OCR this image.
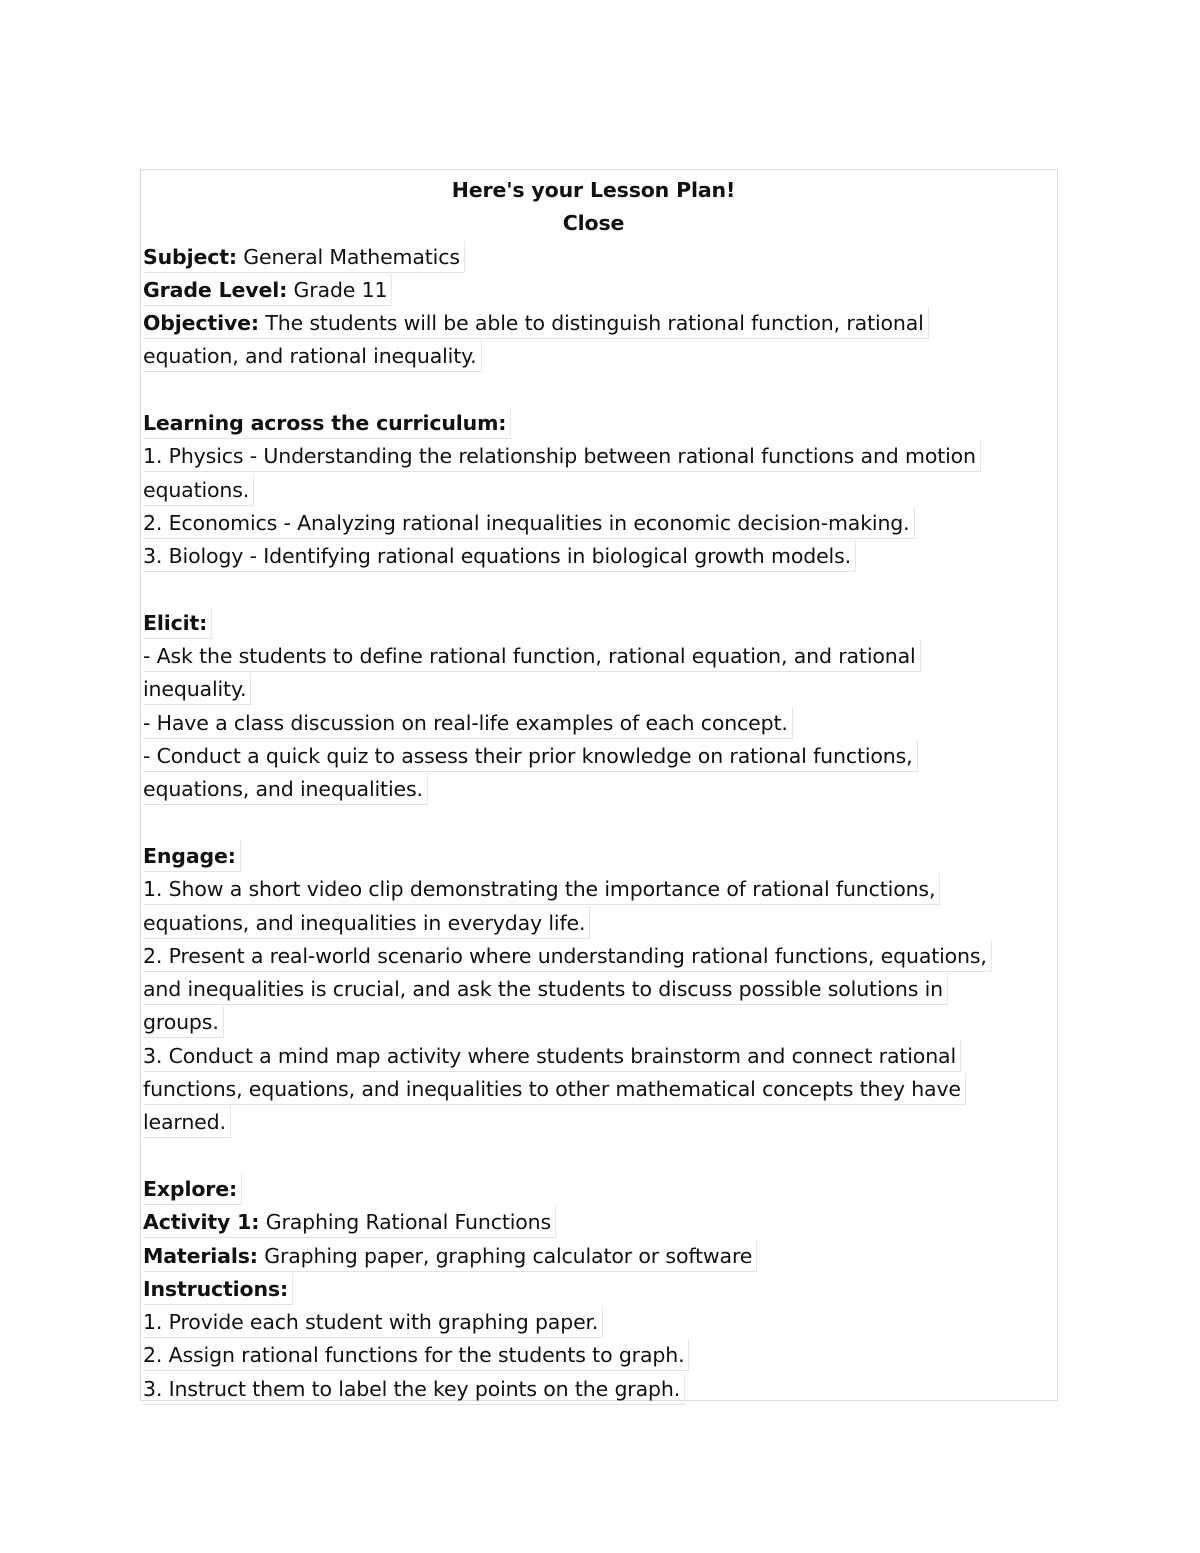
Here's your Lesson Plan!
Close
Subject: General Mathematics
Grade Level: Grade 11
Objective: The students will be able to distinguish rational function, rational
equation, and rational inequality.
Learning across the curriculum:
1. Physics - Understanding the relationship between rational functions and motion
equations.
2. Economics - Analyzing rational inequalities in economic decision-making.
3. Biology - Identifying rational equations in biological growth models.
Elicit:
- Ask the students to define rational function, rational equation, and rational
inequality.
- Have a class discussion on real-life examples of each concept.
- Conduct a quick quiz to assess their prior knowledge on rational functions,
equations, and inequalities.
Engage:
1. Show a short video clip demonstrating the importance of rational functions,
equations, and inequalities in everyday life.
2. Present a real-world scenario where understanding rational functions, equations,
and inequalities is crucial, and ask the students to discuss possible solutions in
groups.
3. Conduct a mind map activity where students brainstorm and connect rational
functions, equations, and inequalities to other mathematical concepts they have
learned.
Explore:
Activity 1: Graphing Rational Functions
Materials: Graphing paper, graphing calculator or software
Instructions:
1. Provide each student with graphing paper.
2. Assign rational functions for the students to graph.
3. Instruct them to label the key points on the graph.
